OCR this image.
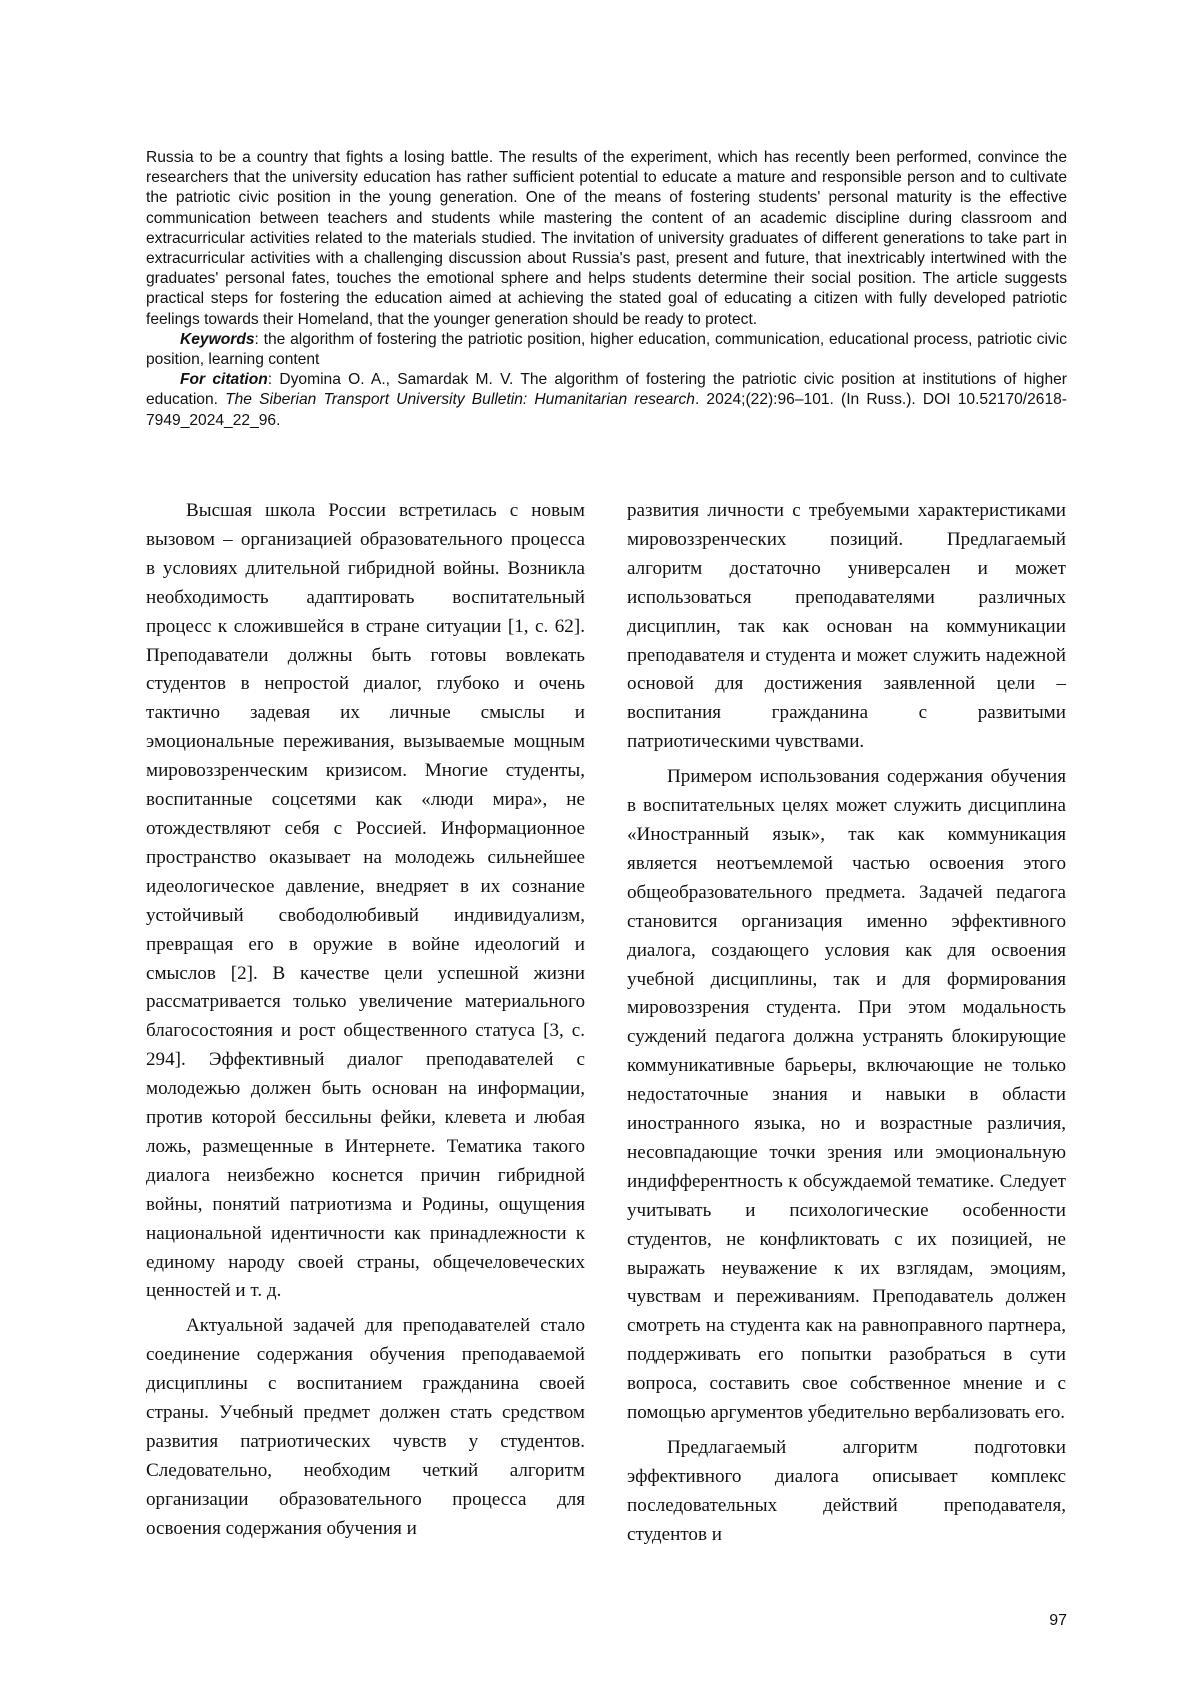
Russia to be a country that fights a losing battle. The results of the experiment, which has recently been performed, convince the researchers that the university education has rather sufficient potential to educate a mature and responsible person and to cultivate the patriotic civic position in the young generation. One of the means of fostering students' personal maturity is the effective communication between teachers and students while mastering the content of an academic discipline during classroom and extracurricular activities related to the materials studied. The invitation of university graduates of different generations to take part in extracurricular activities with a challenging discussion about Russia's past, present and future, that inextricably intertwined with the graduates' personal fates, touches the emotional sphere and helps students determine their social position. The article suggests practical steps for fostering the education aimed at achieving the stated goal of educating a citizen with fully developed patriotic feelings towards their Homeland, that the younger generation should be ready to protect.

Keywords: the algorithm of fostering the patriotic position, higher education, communication, educational process, patriotic civic position, learning content

For citation: Dyomina O. A., Samardak M. V. The algorithm of fostering the patriotic civic position at institutions of higher education. The Siberian Transport University Bulletin: Humanitarian research. 2024;(22):96–101. (In Russ.). DOI 10.52170/2618-7949_2024_22_96.

Высшая школа России встретилась с новым вызовом – организацией образовательного процесса в условиях длительной гибридной войны. Возникла необходимость адаптировать воспитательный процесс к сложившейся в стране ситуации [1, с. 62]. Преподаватели должны быть готовы вовлекать студентов в непростой диалог, глубоко и очень тактично задевая их личные смыслы и эмоциональные переживания, вызываемые мощным мировоззренческим кризисом. Многие студенты, воспитанные соцсетями как «люди мира», не отождествляют себя с Россией. Информационное пространство оказывает на молодежь сильнейшее идеологическое давление, внедряет в их сознание устойчивый свободолюбивый индивидуализм, превращая его в оружие в войне идеологий и смыслов [2]. В качестве цели успешной жизни рассматривается только увеличение материального благосостояния и рост общественного статуса [3, с. 294]. Эффективный диалог преподавателей с молодежью должен быть основан на информации, против которой бессильны фейки, клевета и любая ложь, размещенные в Интернете. Тематика такого диалога неизбежно коснется причин гибридной войны, понятий патриотизма и Родины, ощущения национальной идентичности как принадлежности к единому народу своей страны, общечеловеческих ценностей и т. д.

Актуальной задачей для преподавателей стало соединение содержания обучения преподаваемой дисциплины с воспитанием гражданина своей страны. Учебный предмет должен стать средством развития патриотических чувств у студентов. Следовательно, необходим четкий алгоритм организации образовательного процесса для освоения содержания обучения и

развития личности с требуемыми характеристиками мировоззренческих позиций. Предлагаемый алгоритм достаточно универсален и может использоваться преподавателями различных дисциплин, так как основан на коммуникации преподавателя и студента и может служить надежной основой для достижения заявленной цели – воспитания гражданина с развитыми патриотическими чувствами.

Примером использования содержания обучения в воспитательных целях может служить дисциплина «Иностранный язык», так как коммуникация является неотъемлемой частью освоения этого общеобразовательного предмета. Задачей педагога становится организация именно эффективного диалога, создающего условия как для освоения учебной дисциплины, так и для формирования мировоззрения студента. При этом модальность суждений педагога должна устранять блокирующие коммуникативные барьеры, включающие не только недостаточные знания и навыки в области иностранного языка, но и возрастные различия, несовпадающие точки зрения или эмоциональную индифферентность к обсуждаемой тематике. Следует учитывать и психологические особенности студентов, не конфликтовать с их позицией, не выражать неуважение к их взглядам, эмоциям, чувствам и переживаниям. Преподаватель должен смотреть на студента как на равноправного партнера, поддерживать его попытки разобраться в сути вопроса, составить свое собственное мнение и с помощью аргументов убедительно вербализовать его.

Предлагаемый алгоритм подготовки эффективного диалога описывает комплекс последовательных действий преподавателя, студентов и

97
